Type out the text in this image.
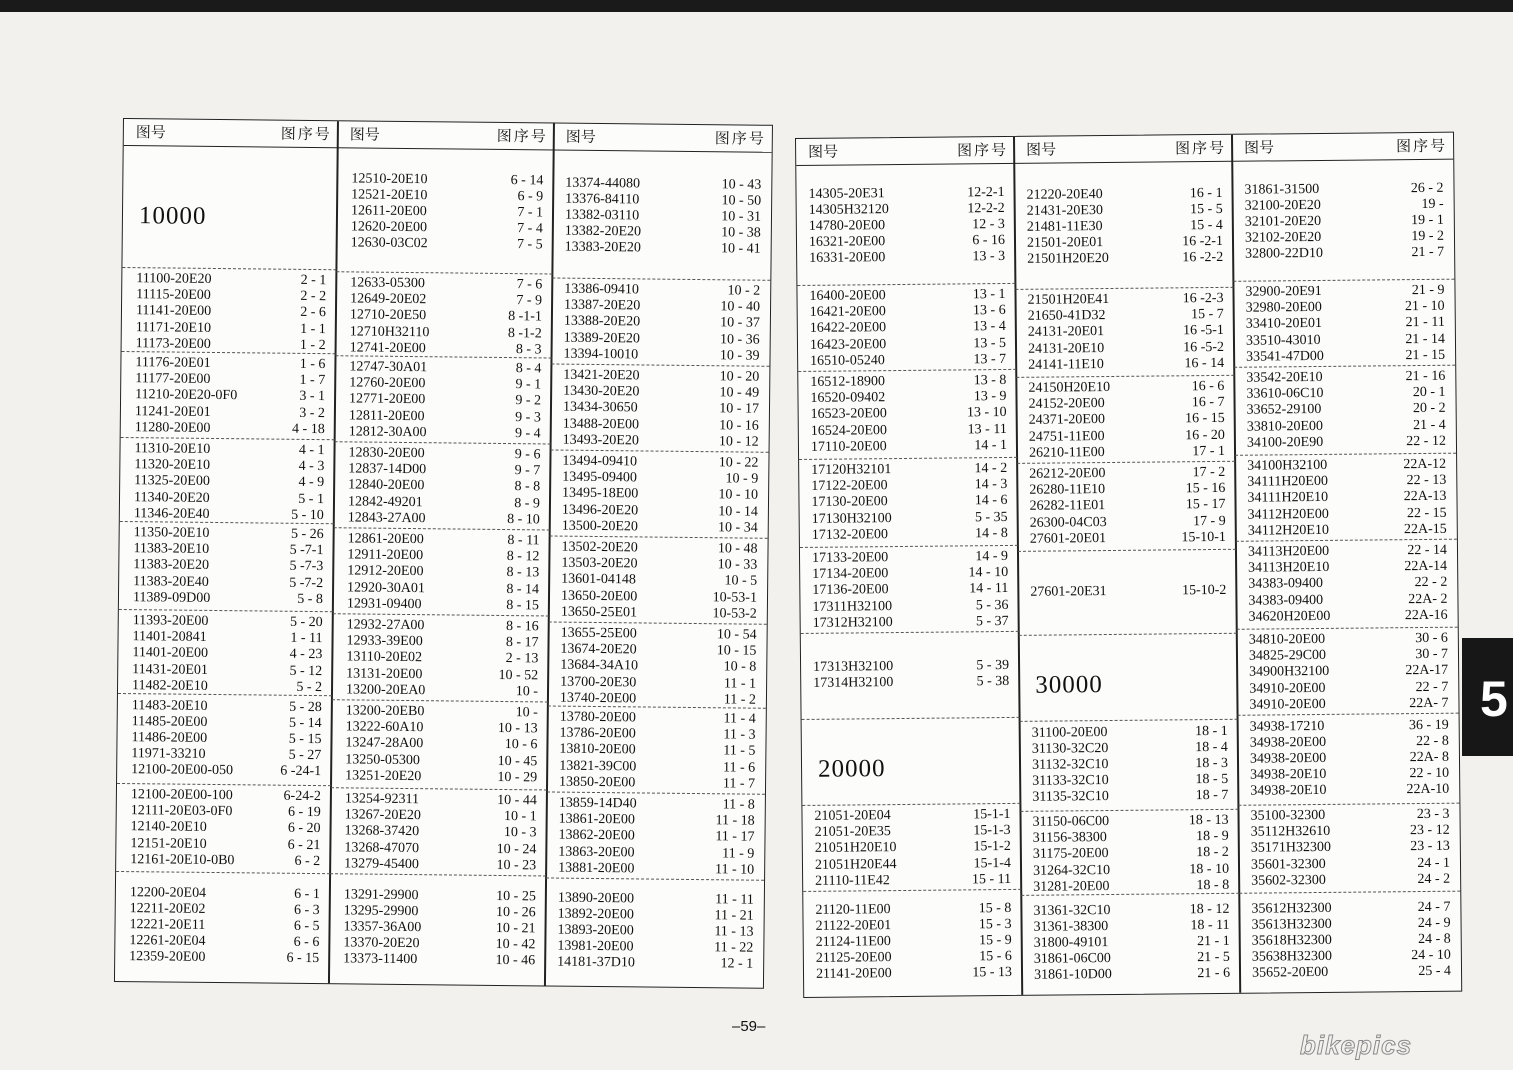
图号	图序号 图号	图序号 图号	图序号
10000
11100-20E20	2 - 1
11115-20E00	2 - 2
11141-20E00	2 - 6
11171-20E10	1 - 1
11173-20E00	1 - 2
11176-20E01	1 - 6
11177-20E00	1 - 7
11210-20E20-0F0	3 - 1
11241-20E01	3 - 2
11280-20E00	4 - 18
11310-20E10	4 - 1
11320-20E10	4 - 3
11325-20E00	4 - 9
11340-20E20	5 - 1
11346-20E40	5 - 10
11350-20E10	5 - 26
11383-20E10	5 -7-1
11383-20E20	5 -7-3
11383-20E40	5 -7-2
11389-09D00	5 - 8
11393-20E00	5 - 20
11401-20841	1 - 11
11401-20E00	4 - 23
11431-20E01	5 - 12
11482-20E10	5 - 2
11483-20E10	5 - 28
11485-20E00	5 - 14
11486-20E00	5 - 15
11971-33210	5 - 27
12100-20E00-050	6 -24-1
12100-20E00-100	6-24-2
12111-20E03-0F0	6 - 19
12140-20E10	6 - 20
12151-20E10	6 - 21
12161-20E10-0B0	6 - 2
12200-20E04	6 - 1
12211-20E02	6 - 3
12221-20E11	6 - 5
12261-20E04	6 - 6
12359-20E00	6 - 15
12510-20E10	6 - 14
12521-20E10	6 - 9
12611-20E00	7 - 1
12620-20E00	7 - 4
12630-03C02	7 - 5
12633-05300	7 - 6
12649-20E02	7 - 9
12710-20E50	8 -1-1
12710H32110	8 -1-2
12741-20E00	8 - 3
12747-30A01	8 - 4
12760-20E00	9 - 1
12771-20E00	9 - 2
12811-20E00	9 - 3
12812-30A00	9 - 4
12830-20E00	9 - 6
12837-14D00	9 - 7
12840-20E00	8 - 8
12842-49201	8 - 9
12843-27A00	8 - 10
12861-20E00	8 - 11
12911-20E00	8 - 12
12912-20E00	8 - 13
12920-30A01	8 - 14
12931-09400	8 - 15
12932-27A00	8 - 16
12933-39E00	8 - 17
13110-20E02	2 - 13
13131-20E00	10 - 52
13200-20EA0	10 -
13200-20EB0	10 -
13222-60A10	10 - 13
13247-28A00	10 - 6
13250-05300	10 - 45
13251-20E20	10 - 29
13254-92311	10 - 44
13267-20E20	10 - 1
13268-37420	10 - 3
13268-47070	10 - 24
13279-45400	10 - 23
13291-29900	10 - 25
13295-29900	10 - 26
13357-36A00	10 - 21
13370-20E20	10 - 42
13373-11400	10 - 46
13374-44080	10 - 43
13376-84110	10 - 50
13382-03110	10 - 31
13382-20E20	10 - 38
13383-20E20	10 - 41
13386-09410	10 - 2
13387-20E20	10 - 40
13388-20E20	10 - 37
13389-20E20	10 - 36
13394-10010	10 - 39
13421-20E20	10 - 20
13430-20E20	10 - 49
13434-30650	10 - 17
13488-20E00	10 - 16
13493-20E20	10 - 12
13494-09410	10 - 22
13495-09400	10 - 9
13495-18E00	10 - 10
13496-20E20	10 - 14
13500-20E20	10 - 34
13502-20E20	10 - 48
13503-20E20	10 - 33
13601-04148	10 - 5
13650-20E00	10-53-1
13650-25E01	10-53-2
13655-25E00	10 - 54
13674-20E20	10 - 15
13684-34A10	10 - 8
13700-20E30	11 - 1
13740-20E00	11 - 2
13780-20E00	11 - 4
13786-20E00	11 - 3
13810-20E00	11 - 5
13821-39C00	11 - 6
13850-20E00	11 - 7
13859-14D40	11 - 8
13861-20E00	11 - 18
13862-20E00	11 - 17
13863-20E00	11 - 9
13881-20E00	11 - 10
13890-20E00	11 - 11
13892-20E00	11 - 21
13893-20E00	11 - 13
13981-20E00	11 - 22
14181-37D10	12 - 1
图号	图序号 图号	图序号 图号	图序号
14305-20E31	12-2-1
14305H32120	12-2-2
14780-20E00	12 - 3
16321-20E00	6 - 16
16331-20E00	13 - 3
16400-20E00	13 - 1
16421-20E00	13 - 6
16422-20E00	13 - 4
16423-20E00	13 - 5
16510-05240	13 - 7
16512-18900	13 - 8
16520-09402	13 - 9
16523-20E00	13 - 10
16524-20E00	13 - 11
17110-20E00	14 - 1
17120H32101	14 - 2
17122-20E00	14 - 3
17130-20E00	14 - 6
17130H32100	5 - 35
17132-20E00	14 - 8
17133-20E00	14 - 9
17134-20E00	14 - 10
17136-20E00	14 - 11
17311H32100	5 - 36
17312H32100	5 - 37
17313H32100	5 - 39
17314H32100	5 - 38
20000
21051-20E04	15-1-1
21051-20E35	15-1-3
21051H20E10	15-1-2
21051H20E44	15-1-4
21110-11E42	15 - 11
21120-11E00	15 - 8
21122-20E01	15 - 3
21124-11E00	15 - 9
21125-20E00	15 - 6
21141-20E00	15 - 13
21220-20E40	16 - 1
21431-20E30	15 - 5
21481-11E30	15 - 4
21501-20E01	16 -2-1
21501H20E20	16 -2-2
21501H20E41	16 -2-3
21650-41D32	15 - 7
24131-20E01	16 -5-1
24131-20E10	16 -5-2
24141-11E10	16 - 14
24150H20E10	16 - 6
24152-20E00	16 - 7
24371-20E00	16 - 15
24751-11E00	16 - 20
26210-11E00	17 - 1
26212-20E00	17 - 2
26280-11E10	15 - 16
26282-11E01	15 - 17
26300-04C03	17 - 9
27601-20E01	15-10-1
27601-20E31	15-10-2
30000
31100-20E00	18 - 1
31130-32C20	18 - 4
31132-32C10	18 - 3
31133-32C10	18 - 5
31135-32C10	18 - 7
31150-06C00	18 - 13
31156-38300	18 - 9
31175-20E00	18 - 2
31264-32C10	18 - 10
31281-20E00	18 - 8
31361-32C10	18 - 12
31361-38300	18 - 11
31800-49101	21 - 1
31861-06C00	21 - 5
31861-10D00	21 - 6
31861-31500	26 - 2
32100-20E20	19 -
32101-20E20	19 - 1
32102-20E20	19 - 2
32800-22D10	21 - 7
32900-20E91	21 - 9
32980-20E00	21 - 10
33410-20E01	21 - 11
33510-43010	21 - 14
33541-47D00	21 - 15
33542-20E10	21 - 16
33610-06C10	20 - 1
33652-29100	20 - 2
33810-20E00	21 - 4
34100-20E90	22 - 12
34100H32100	22A-12
34111H20E00	22 - 13
34111H20E10	22A-13
34112H20E00	22 - 15
34112H20E10	22A-15
34113H20E00	22 - 14
34113H20E10	22A-14
34383-09400	22 - 2
34383-09400	22A- 2
34620H20E00	22A-16
34810-20E00	30 - 6
34825-29C00	30 - 7
34900H32100	22A-17
34910-20E00	22 - 7
34910-20E00	22A- 7
34938-17210	36 - 19
34938-20E00	22 - 8
34938-20E00	22A- 8
34938-20E10	22 - 10
34938-20E10	22A-10
35100-32300	23 - 3
35112H32610	23 - 12
35171H32300	23 - 13
35601-32300	24 - 1
35602-32300	24 - 2
35612H32300	24 - 7
35613H32300	24 - 9
35618H32300	24 - 8
35638H32300	24 - 10
35652-20E00	25 - 4
–59–
5
bikepics
